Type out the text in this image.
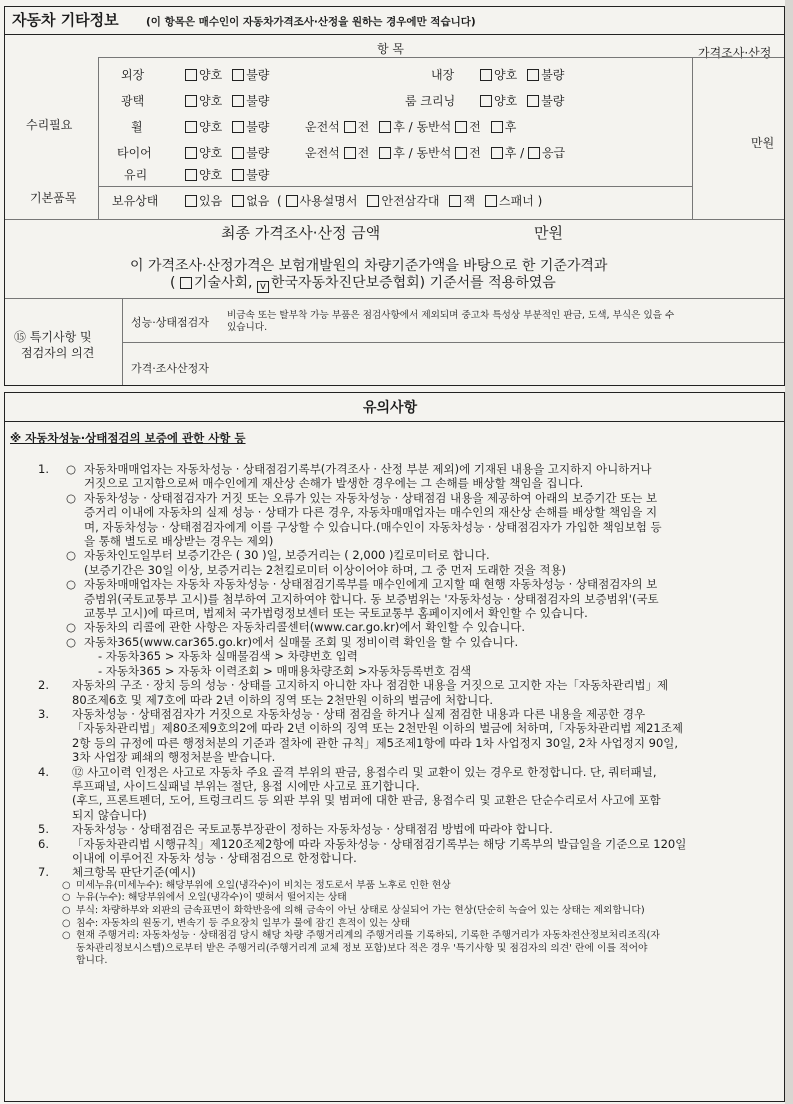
자동차 기타정보	(이 항목은 매수인이 자동차가격조사·산정을 원하는 경우에만 적습니다)
항 목	가격조사·산정
수리필요
기본품목
만원
외장	양호 불량	내장	양호 불량
광택	양호 불량	룸 크리닝	양호 불량
휠	양호 불량	운전석 전 후 / 동반석 전 후
타이어	양호 불량	운전석 전 후 / 동반석 전 후 / 응급
유리	양호 불량
보유상태	있음 없음  ( 사용설명서 안전삼각대 잭 스패너 )
최종 가격조사·산정 금액	만원
이 가격조사·산정가격은 보험개발원의 차량기준가액을 바탕으로 한 기준가격과
( 기술사회, v 한국자동차진단보증협회) 기준서를 적용하였음
⑮ 특기사항 및
점검자의 의견
성능·상태점검자
비금속 또는 탈부착 가능 부품은 점검사항에서 제외되며 중고차 특성상 부분적인 판금, 도색, 부식은 있을 수
있습니다.
가격·조사산정자
유의사항
※ 자동차성능·상태점검의 보증에 관한 사항 등
1. ○ 자동차매매업자는 자동차성능 · 상태점검기록부(가격조사 · 산정 부분 제외)에 기재된 내용을 고지하지 아니하거나
거짓으로 고지함으로써 매수인에게 재산상 손해가 발생한 경우에는 그 손해를 배상할 책임을 집니다.
○ 자동차성능 · 상태점검자가 거짓 또는 오류가 있는 자동차성능 · 상태점검 내용을 제공하여 아래의 보증기간 또는 보
증거리 이내에 자동차의 실제 성능 · 상태가 다른 경우, 자동차매매업자는 매수인의 재산상 손해를 배상할 책임을 지
며, 자동차성능 · 상태점검자에게 이를 구상할 수 있습니다.(매수인이 자동차성능 · 상태점검자가 가입한 책임보험 등
을 통해 별도로 배상받는 경우는 제외)
○ 자동차인도일부터 보증기간은 ( 30 )일, 보증거리는 ( 2,000 )킬로미터로 합니다.
(보증기간은 30일 이상, 보증거리는 2천킬로미터 이상이어야 하며, 그 중 먼저 도래한 것을 적용)
○ 자동차매매업자는 자동차 자동차성능 · 상태점검기록부를 매수인에게 고지할 때 현행 자동차성능 · 상태점검자의 보
증범위(국토교통부 고시)를 첨부하여 고지하여야 합니다. 동 보증범위는 '자동차성능 · 상태점검자의 보증범위'(국토
교통부 고시)에 따르며, 법제처 국가법령정보센터 또는 국토교통부 홈페이지에서 확인할 수 있습니다.
○ 자동차의 리콜에 관한 사항은 자동차리콜센터(www.car.go.kr)에서 확인할 수 있습니다.
○ 자동차365(www.car365.go.kr)에서 실매물 조회 및 정비이력 확인을 할 수 있습니다.
- 자동차365 > 자동차 실매물검색 > 차량번호 입력
- 자동차365 > 자동차 이력조회 > 매매용차량조회 >자동차등록번호 검색
2.	자동차의 구조 · 장치 등의 성능 · 상태를 고지하지 아니한 자나 점검한 내용을 거짓으로 고지한 자는「자동차관리법」제
80조제6호 및 제7호에 따라 2년 이하의 징역 또는 2천만원 이하의 벌금에 처합니다.
3.	자동차성능 · 상태점검자가 거짓으로 자동차성능 · 상태 점검을 하거나 실제 점검한 내용과 다른 내용을 제공한 경우
「자동차관리법」제80조제9호의2에 따라 2년 이하의 징역 또는 2천만원 이하의 벌금에 처하며,「자동차관리법 제21조제
2항 등의 규정에 따른 행정처분의 기준과 절차에 관한 규칙」제5조제1항에 따라 1차 사업정지 30일, 2차 사업정지 90일,
3차 사업장 폐쇄의 행정처분을 받습니다.
4.	⑫ 사고이력 인정은 사고로 자동차 주요 골격 부위의 판금, 용접수리 및 교환이 있는 경우로 한정합니다. 단, 쿼터패널,
루프패널, 사이드실패널 부위는 절단, 용접 시에만 사고로 표기합니다.
(후드, 프론트펜더, 도어, 트렁크리드 등 외판 부위 및 범퍼에 대한 판금, 용접수리 및 교환은 단순수리로서 사고에 포함
되지 않습니다)
5.	자동차성능 · 상태점검은 국토교통부장관이 정하는 자동차성능 · 상태점검 방법에 따라야 합니다.
6.	「자동차관리법 시행규칙」제120조제2항에 따라 자동차성능 · 상태점검기록부는 해당 기록부의 발급일을 기준으로 120일
이내에 이루어진 자동차 성능 · 상태점검으로 한정합니다.
7.	체크항목 판단기준(예시)
○ 미세누유(미세누수): 해당부위에 오일(냉각수)이 비치는 정도로서 부품 노후로 인한 현상
○ 누유(누수): 해당부위에서 오일(냉각수)이 맺혀서 떨어지는 상태
○ 부식: 차량하부와 외판의 금속표면이 화학반응에 의해 금속이 아닌 상태로 상실되어 가는 현상(단순히 녹슬어 있는 상태는 제외합니다)
○ 침수: 자동차의 원동기, 변속기 등 주요장치 일부가 물에 잠긴 흔적이 있는 상태
○ 현재 주행거리: 자동차성능 · 상태점검 당시 해당 차량 주행거리계의 주행거리를 기록하되, 기록한 주행거리가 자동차전산정보처리조직(자
동차관리정보시스템)으로부터 받은 주행거리(주행거리계 교체 정보 포함)보다 적은 경우 '특기사항 및 점검자의 의견' 란에 이를 적어야
합니다.
